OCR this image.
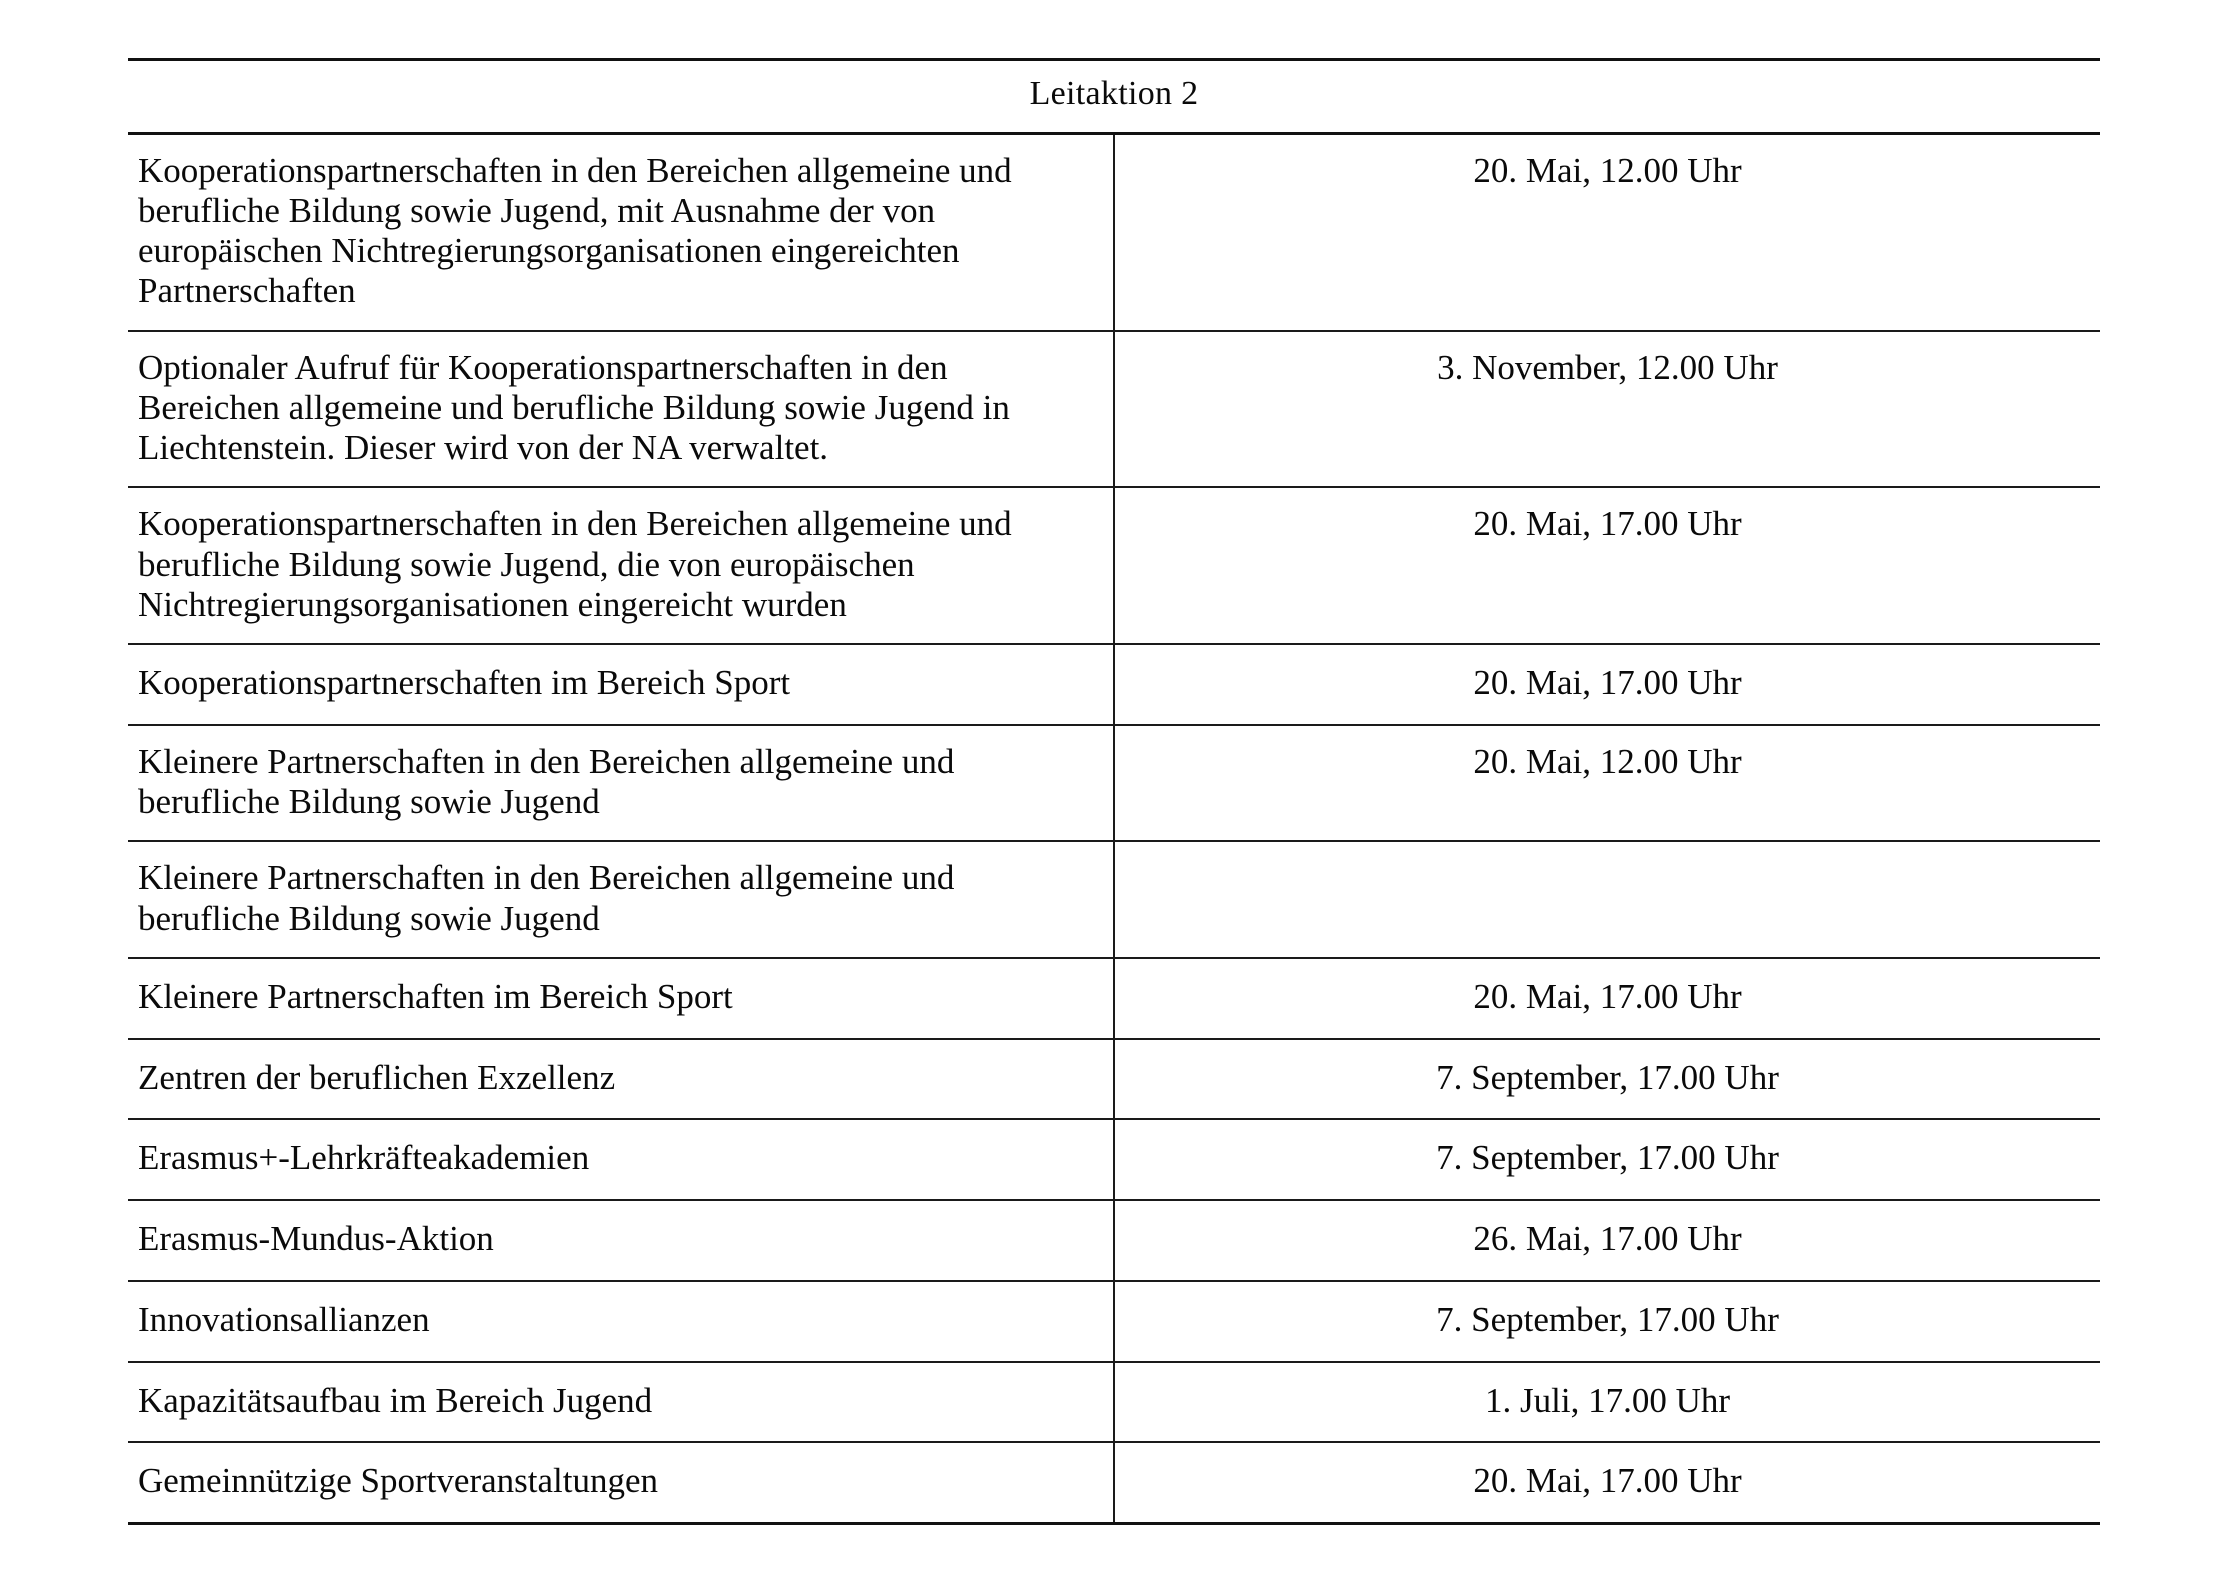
Leitaktion 2	

Kooperationspartnerschaften in den Bereichen allgemeine und berufliche Bildung sowie Jugend, mit Ausnahme der von europäischen Nichtregierungsorganisationen eingereichten Partnerschaften	20. Mai, 12.00 Uhr

Optionaler Aufruf für Kooperationspartnerschaften in den Bereichen allgemeine und berufliche Bildung sowie Jugend in Liechtenstein. Dieser wird von der NA verwaltet.	3. November, 12.00 Uhr

Kooperationspartnerschaften in den Bereichen allgemeine und berufliche Bildung sowie Jugend, die von europäischen Nichtregierungsorganisationen eingereicht wurden	20. Mai, 17.00 Uhr

Kooperationspartnerschaften im Bereich Sport	20. Mai, 17.00 Uhr

Kleinere Partnerschaften in den Bereichen allgemeine und berufliche Bildung sowie Jugend	20. Mai, 12.00 Uhr

Kleinere Partnerschaften in den Bereichen allgemeine und berufliche Bildung sowie Jugend	

Kleinere Partnerschaften im Bereich Sport	20. Mai, 17.00 Uhr

Zentren der beruflichen Exzellenz	7. September, 17.00 Uhr

Erasmus+-Lehrkräfteakademien	7. September, 17.00 Uhr

Erasmus-Mundus-Aktion	26. Mai, 17.00 Uhr

Innovationsallianzen	7. September, 17.00 Uhr

Kapazitätsaufbau im Bereich Jugend	1. Juli, 17.00 Uhr

Gemeinnützige Sportveranstaltungen	20. Mai, 17.00 Uhr
